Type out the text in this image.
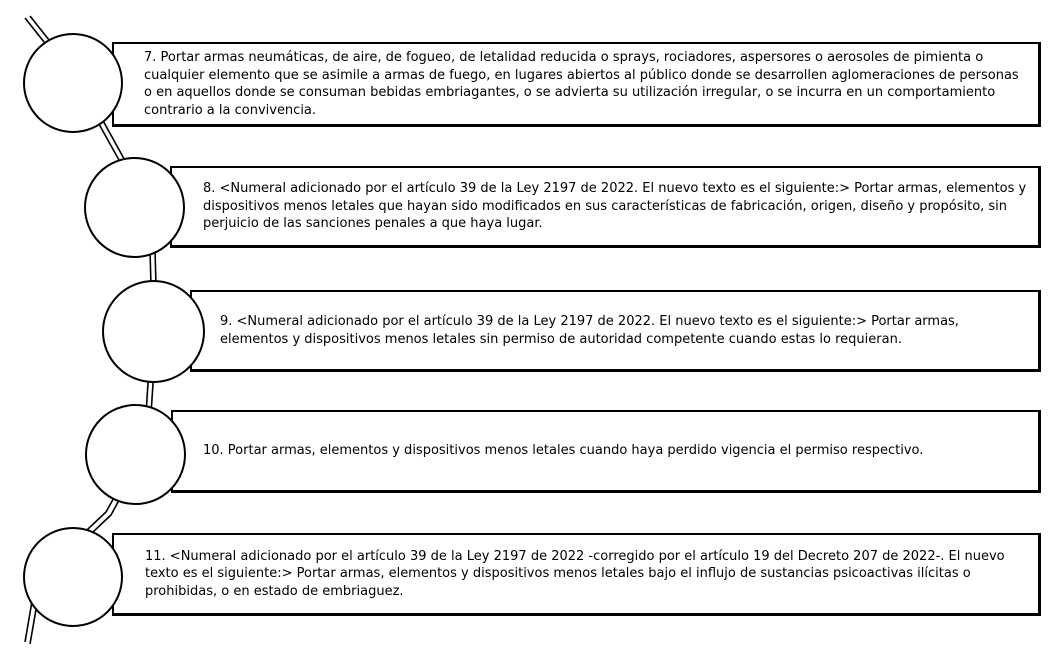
7. Portar armas neumáticas, de aire, de fogueo, de letalidad reducida o sprays, rociadores, aspersores o aerosoles de pimienta o cualquier elemento que se asimile a armas de fuego, en lugares abiertos al público donde se desarrollen aglomeraciones de personas o en aquellos donde se consuman bebidas embriagantes, o se advierta su utilización irregular, o se incurra en un comportamiento contrario a la convivencia.

8. <Numeral adicionado por el artículo 39 de la Ley 2197 de 2022. El nuevo texto es el siguiente:> Portar armas, elementos y dispositivos menos letales que hayan sido modificados en sus características de fabricación, origen, diseño y propósito, sin perjuicio de las sanciones penales a que haya lugar.

9. <Numeral adicionado por el artículo 39 de la Ley 2197 de 2022. El nuevo texto es el siguiente:> Portar armas, elementos y dispositivos menos letales sin permiso de autoridad competente cuando estas lo requieran.

10. Portar armas, elementos y dispositivos menos letales cuando haya perdido vigencia el permiso respectivo.

11. <Numeral adicionado por el artículo 39 de la Ley 2197 de 2022 -corregido por el artículo 19 del Decreto 207 de 2022-. El nuevo texto es el siguiente:> Portar armas, elementos y dispositivos menos letales bajo el influjo de sustancias psicoactivas ilícitas o prohibidas, o en estado de embriaguez.
